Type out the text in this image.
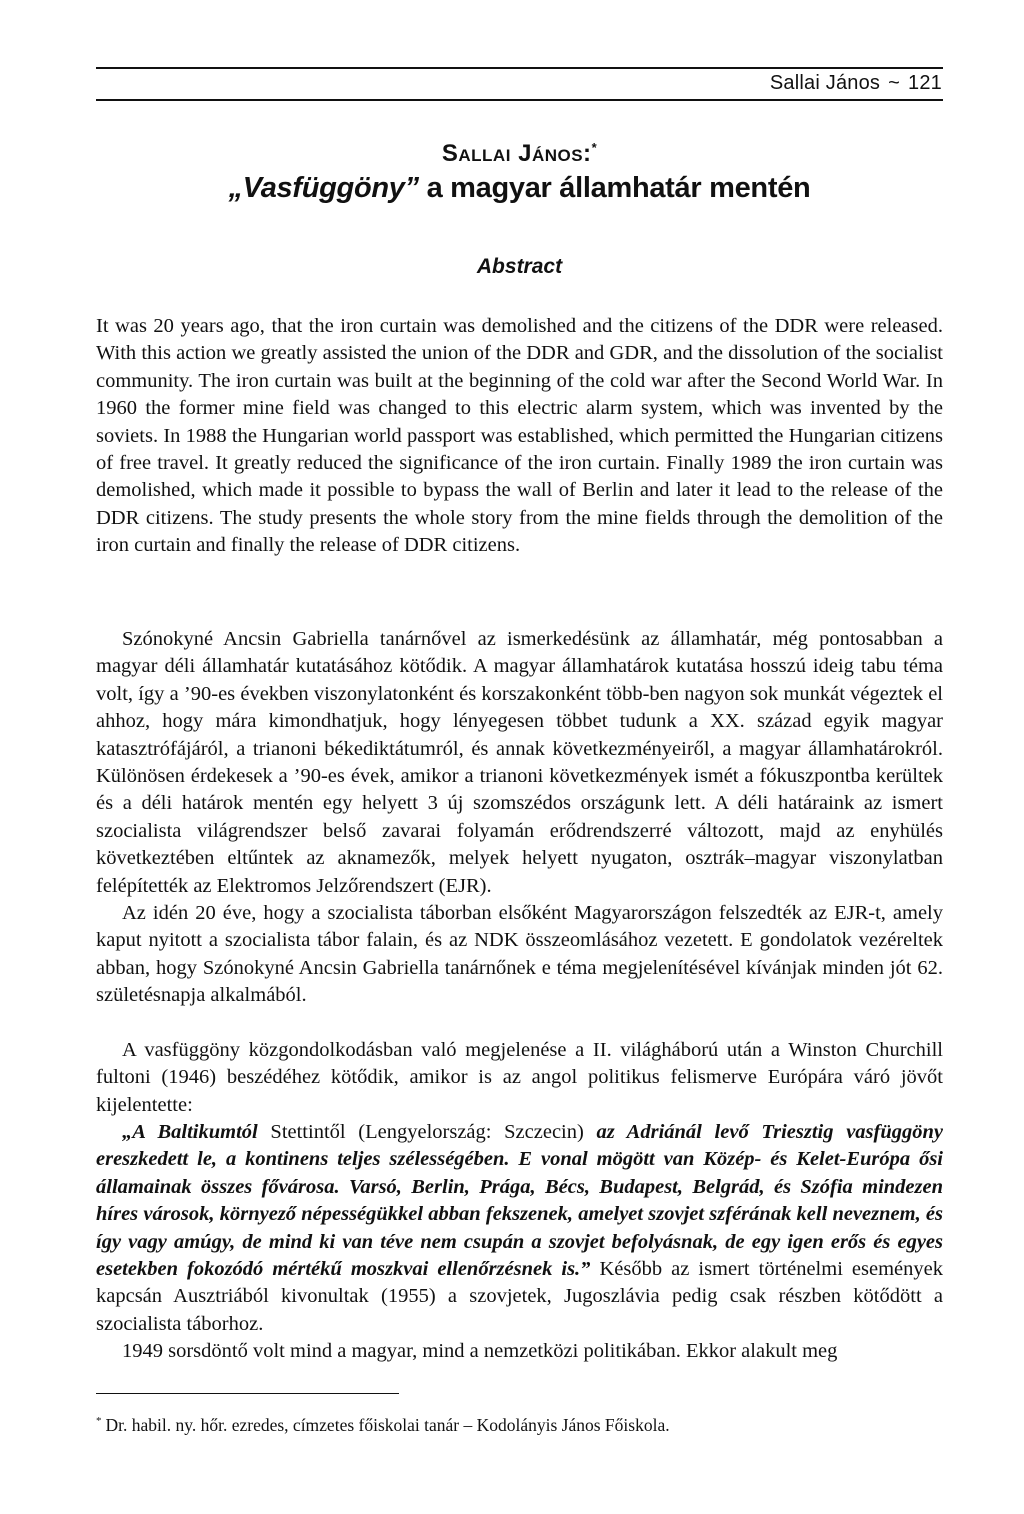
Sallai János ~ 121
Sallai János:*
„Vasfüggöny” a magyar államhatár mentén
Abstract

It was 20 years ago, that the iron curtain was demolished and the citizens of the DDR were released. With this action we greatly assisted the union of the DDR and GDR, and the dissolution of the socialist community. The iron curtain was built at the beginning of the cold war after the Second World War. In 1960 the former mine field was changed to this electric alarm system, which was invented by the soviets. In 1988 the Hungarian world passport was established, which permitted the Hungarian citizens of free travel. It greatly reduced the significance of the iron curtain. Finally 1989 the iron curtain was demolished, which made it possible to bypass the wall of Berlin and later it lead to the release of the DDR citizens. The study presents the whole story from the mine fields through the demolition of the iron curtain and finally the release of DDR citizens.

Szónokyné Ancsin Gabriella tanárnővel az ismerkedésünk az államhatár, még pontosabban a magyar déli államhatár kutatásához kötődik. A magyar államhatárok kutatása hosszú ideig tabu téma volt, így a ’90-es években viszonylatonként és korszakonként több-ben nagyon sok munkát végeztek el ahhoz, hogy mára kimondhatjuk, hogy lényegesen többet tudunk a XX. század egyik magyar katasztrófájáról, a trianoni békediktátumról, és annak következményeiről, a magyar államhatárokról. Különösen érdekesek a ’90-es évek, amikor a trianoni következmények ismét a fókuszpontba kerültek és a déli határok mentén egy helyett 3 új szomszédos országunk lett. A déli határaink az ismert szocialista világrendszer belső zavarai folyamán erődrendszerré változott, majd az enyhülés következtében eltűntek az aknamezők, melyek helyett nyugaton, osztrák–magyar viszonylatban felépítették az Elektromos Jelzőrendszert (EJR).

Az idén 20 éve, hogy a szocialista táborban elsőként Magyarországon felszedték az EJR-t, amely kaput nyitott a szocialista tábor falain, és az NDK összeomlásához vezetett. E gondolatok vezéreltek abban, hogy Szónokyné Ancsin Gabriella tanárnőnek e téma megjelenítésével kívánjak minden jót 62. születésnapja alkalmából.

A vasfüggöny közgondolkodásban való megjelenése a II. világháború után a Winston Churchill fultoni (1946) beszédéhez kötődik, amikor is az angol politikus felismerve Európára váró jövőt kijelentette:

„A Baltikumtól Stettintől (Lengyelország: Szczecin) az Adriánál levő Triesztig vasfüggöny ereszkedett le, a kontinens teljes szélességében. E vonal mögött van Közép- és Kelet-Európa ősi államainak összes fővárosa. Varsó, Berlin, Prága, Bécs, Budapest, Belgrád, és Szófia mindezen híres városok, környező népességükkel abban fekszenek, amelyet szovjet szférának kell neveznem, és így vagy amúgy, de mind ki van téve nem csupán a szovjet befolyásnak, de egy igen erős és egyes esetekben fokozódó mértékű moszkvai ellenőrzésnek is.” Később az ismert történelmi események kapcsán Ausztriából kivonultak (1955) a szovjetek, Jugoszlávia pedig csak részben kötődött a szocialista táborhoz.

1949 sorsdöntő volt mind a magyar, mind a nemzetközi politikában. Ekkor alakult meg

* Dr. habil. ny. hőr. ezredes, címzetes főiskolai tanár – Kodolányis János Főiskola.
